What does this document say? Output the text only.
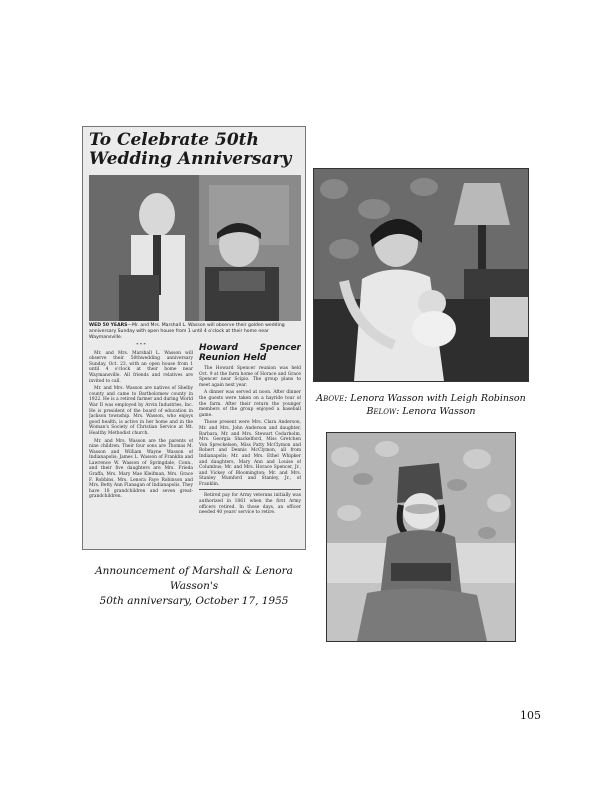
To Celebrate 50th Wedding Anniversary
WED 50 YEARS—Mr. and Mrs. Marshall L. Wasson will observe their golden wedding anniversary Sunday with open house from 1 until 4 o'clock at their home near Waymansville.

* * *

Mr. and Mrs. Marshall L. Wasson will observe their 50thwedding anniversary Sunday, Oct. 23, with an open house from 1 until 4 o'clock at their home near Waymansville. All friends and relatives are invited to call.

Mr. and Mrs. Wasson are natives of Shelby county and came to Bartholomew county in 1922. He is a retired farmer and during World War II was employed by Arvin Industries, Inc. He is president of the board of education in Jackson township. Mrs. Wasson, who enjoys good health, is active in her home and in the Woman's Society of Christian Service at Mt. Healthy Methodist church.

Mr. and Mrs. Wasson are the parents of nine children. Their four sons are Thomas M. Wasson and William Wayne Wasson of Indianapolis; James L. Wasson of Franklin and Lawrence W. Wasson of Springdale, Conn., and their five daughters are Mrs. Frieda Graffa, Mrs. Mary Mae Kleifman, Mrs. Grace F. Robbins, Mrs. Lenora Faye Robinson and Mrs. Betty Ann Flanagan of Indianapolis. They have 18 grandchildren and seven great-grandchildren.

Howard Spencer Reunion Held

The Howard Spencer reunion was held Oct. 9 at the farm home of Horace and Grace Spencer near Scipio. The group plans to meet again next year.

A dinner was served at noon. After dinner the guests were taken on a hayride tour of the farm. After their return the younger members of the group enjoyed a baseball game.

Those present were Mrs. Clara Anderson, Mr. and Mrs. John Anderson and daughter, Barbara, Mr. and Mrs. Stewart Cedarholm, Mrs. Georgia Shackelford, Miss Gretchen Von Spreckelsen, Miss Patty McClymon and Robert and Dennis McClymon, all from Indianapolis; Mr. and Mrs. Ethel Whipker and daughters, Mary Ann and Louise of Columbus; Mr. and Mrs. Horace Spencer, Jr., and Vickey of Bloomington; Mr. and Mrs. Stanley Mumford and Stanley, Jr., of Franklin.

Retired pay for Army veterans initially was authorized in 1861 when the first Army officers retired. In those days, an officer needed 40 years' service to retire.

Above: Lenora Wasson with Leigh Robinson
Below: Lenora Wasson
Announcement of Marshall & Lenora Wasson's
50th anniversary, October 17, 1955
105
